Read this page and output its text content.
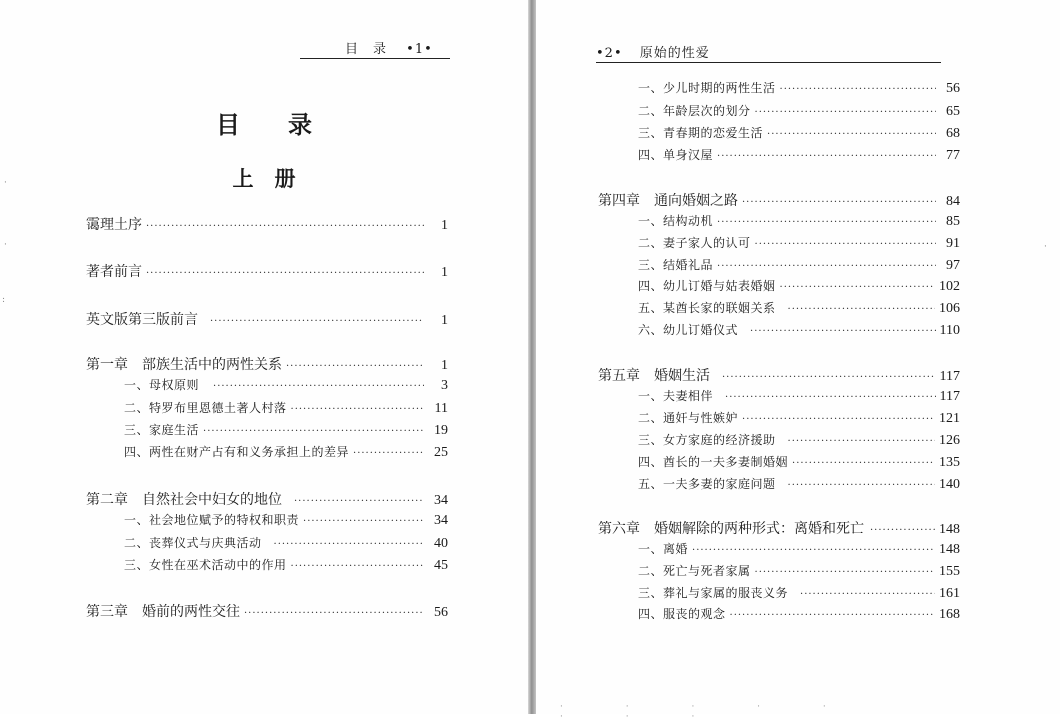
目　录 •1•
目　　录
上　册
霭理土序 ·····	1
著者前言 ·····	1
英文版第三版前言 ·····	1
第一章　部族生活中的两性关系 ·····	1
一、母权原则 ·····	3
二、特罗布里恩德土著人村落 ·····	11
三、家庭生活 ·····	19
四、两性在财产占有和义务承担上的差异 ·····	25
第二章　自然社会中妇女的地位 ·····	34
一、社会地位赋予的特权和职责 ·····	34
二、丧葬仪式与庆典活动 ·····	40
三、女性在巫术活动中的作用 ·····	45
第三章　婚前的两性交往 ·····	56
·
·
:
•2• 原始的性爱
一、少儿时期的两性生活 ·····	56
二、年龄层次的划分 ·····	65
三、青春期的恋爱生活 ·····	68
四、单身汉屋 ·····	77
第四章　通向婚姻之路 ·····	84
一、结构动机 ·····	85
二、妻子家人的认可 ·····	91
三、结婚礼品 ·····	97
四、幼儿订婚与姑表婚姻 ·····	102
五、某酋长家的联姻关系 ·····	106
六、幼儿订婚仪式 ·····	110
第五章　婚姻生活 ·····	117
一、夫妻相伴 ·····	117
二、通奸与性嫉妒 ·····	121
三、女方家庭的经济援助 ·····	126
四、酋长的一夫多妻制婚姻 ·····	135
五、一夫多妻的家庭问题 ·····	140
第六章　婚姻解除的两种形式：离婚和死亡 ·····	148
一、离婚 ·····	148
二、死亡与死者家属 ·····	155
三、葬礼与家属的服丧义务 ·····	161
四、服丧的观念 ·····	168
·
· · · · · · · ·
